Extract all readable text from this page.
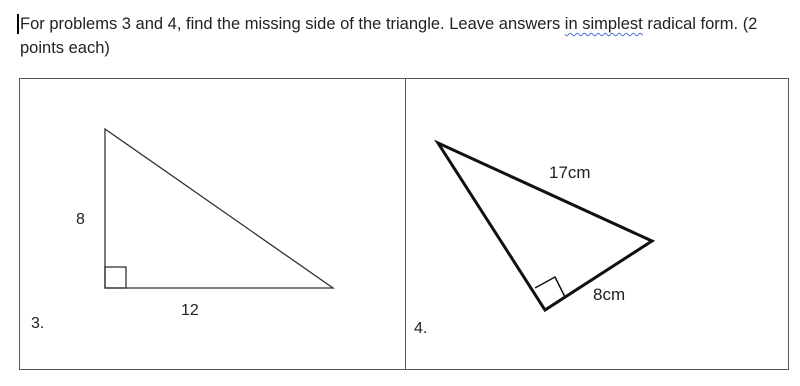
For problems 3 and 4, find the missing side of the triangle. Leave answers in simplest radical form. (2 points each)
8
12
3.
17cm
8cm
4.
